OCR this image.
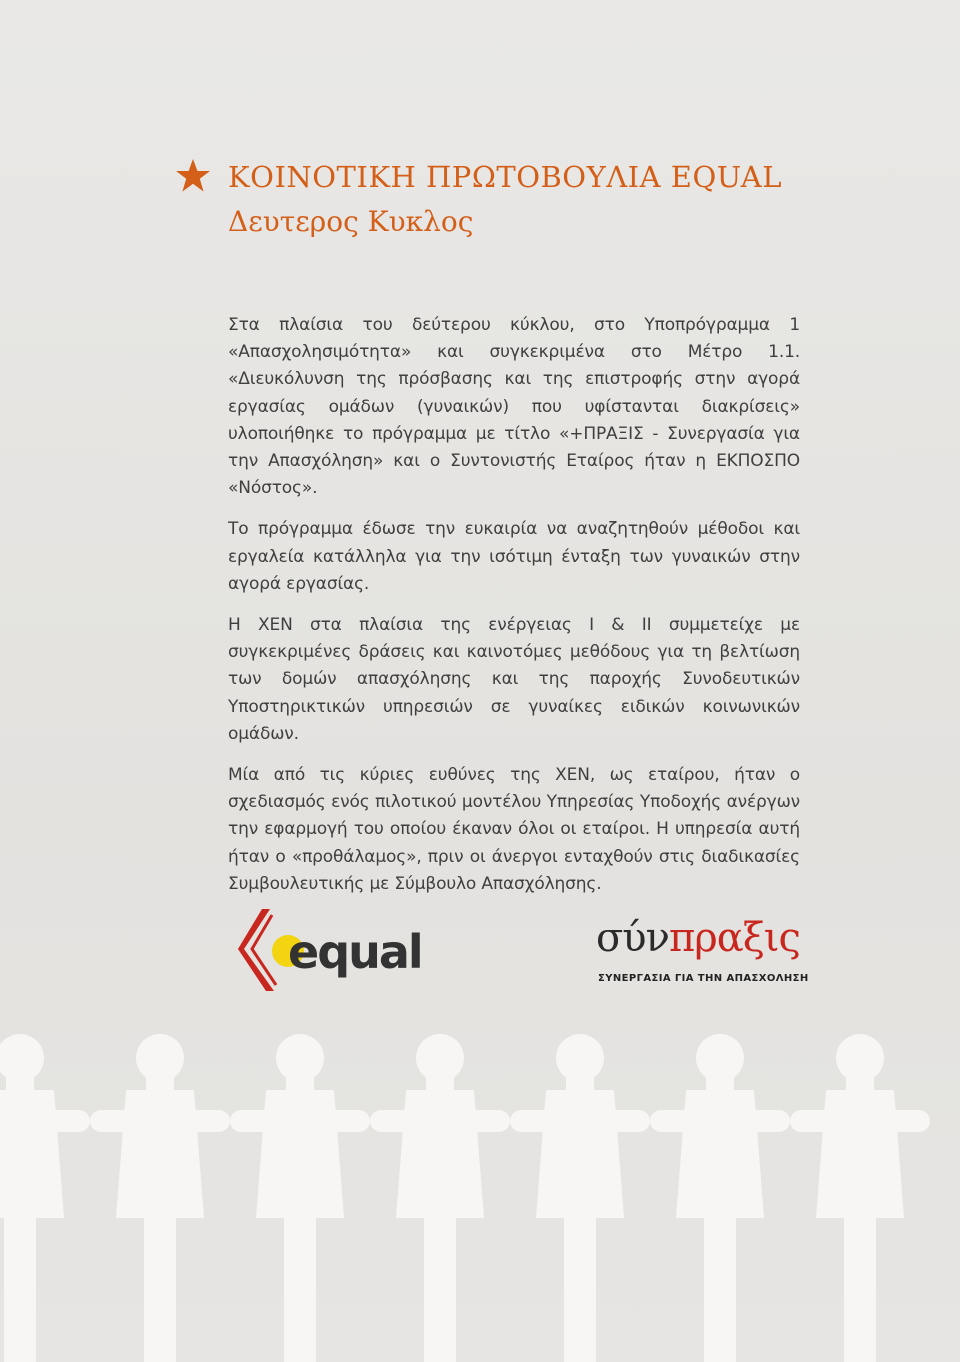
ΚΟΙΝΟΤΙΚΗ ΠΡΩΤΟΒΟΥΛΙΑ EQUAL
Δευτερος Κυκλος

Στα πλαίσια του δεύτερου κύκλου, στο Υποπρόγραμμα 1 «Απασχολησιμότητα» και συγκεκριμένα στο Μέτρο 1.1. «Διευκόλυνση της πρόσβασης και της επιστροφής στην αγορά εργασίας ομάδων (γυναικών) που υφίστανται διακρίσεις» υλοποιήθηκε το πρόγραμμα με τίτλο «+ΠΡΑΞΙΣ - Συνεργασία για την Απασχόληση» και ο Συντονιστής Εταίρος ήταν η ΕΚΠΟΣΠΟ «Νόστος».

Το πρόγραμμα έδωσε την ευκαιρία να αναζητηθούν μέθοδοι και εργαλεία κατάλληλα για την ισότιμη ένταξη των γυναικών στην αγορά εργασίας.

Η ΧΕΝ στα πλαίσια της ενέργειας Ι & ΙΙ συμμετείχε με συγκεκριμένες δράσεις και καινοτόμες μεθόδους για τη βελτίωση των δομών απασχόλησης και της παροχής Συνοδευτικών Υποστηρικτικών υπηρεσιών σε γυναίκες ειδικών κοινωνικών ομάδων.

Μία από τις κύριες ευθύνες της ΧΕΝ, ως εταίρου, ήταν ο σχεδιασμός ενός πιλοτικού μοντέλου Υπηρεσίας Υποδοχής ανέργων την εφαρμογή του οποίου έκαναν όλοι οι εταίροι. Η υπηρεσία αυτή ήταν ο «προθάλαμος», πριν οι άνεργοι ενταχθούν στις διαδικασίες Συμβουλευτικής με Σύμβουλο Απασχόλησης.

equal	σύνπραξις
ΣΥΝΕΡΓΑΣΙΑ ΓΙΑ ΤΗΝ ΑΠΑΣΧΟΛΗΣΗ
